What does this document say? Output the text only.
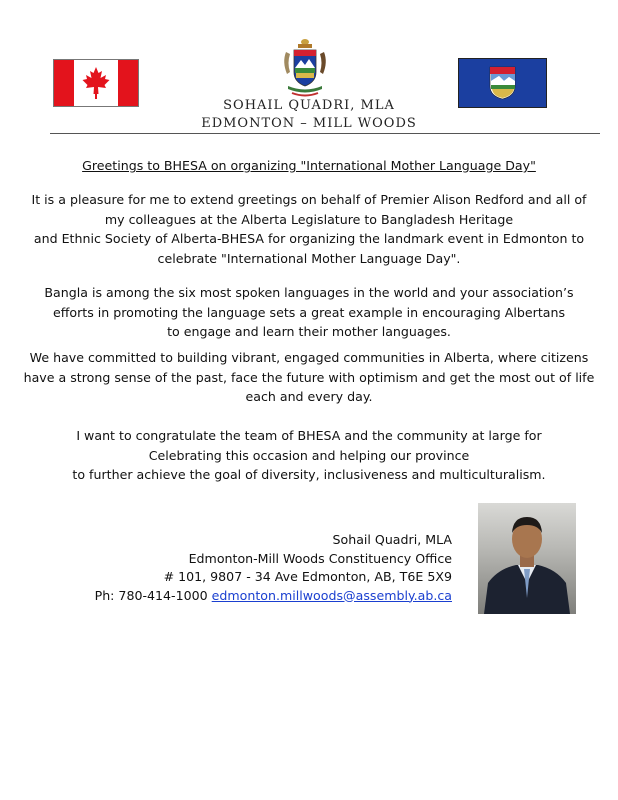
SOHAIL QUADRI, MLA
EDMONTON – MILL WOODS
Greetings to BHESA on organizing "International Mother Language Day"
It is a pleasure for me to extend greetings on behalf of Premier Alison Redford and all of
my colleagues at the Alberta Legislature to Bangladesh Heritage
and Ethnic Society of Alberta-BHESA for organizing the landmark event in Edmonton to
celebrate "International Mother Language Day".
Bangla is among the six most spoken languages in the world and your association’s
efforts in promoting the language sets a great example in encouraging Albertans
to engage and learn their mother languages.
We have committed to building vibrant, engaged communities in Alberta, where citizens
have a strong sense of the past, face the future with optimism and get the most out of life
each and every day.
I want to congratulate the team of BHESA and the community at large for
Celebrating this occasion and helping our province
to further achieve the goal of diversity, inclusiveness and multiculturalism.
Sohail Quadri, MLA
Edmonton-Mill Woods Constituency Office
# 101, 9807 - 34 Ave Edmonton, AB, T6E 5X9
Ph: 780-414-1000 edmonton.millwoods@assembly.ab.ca
